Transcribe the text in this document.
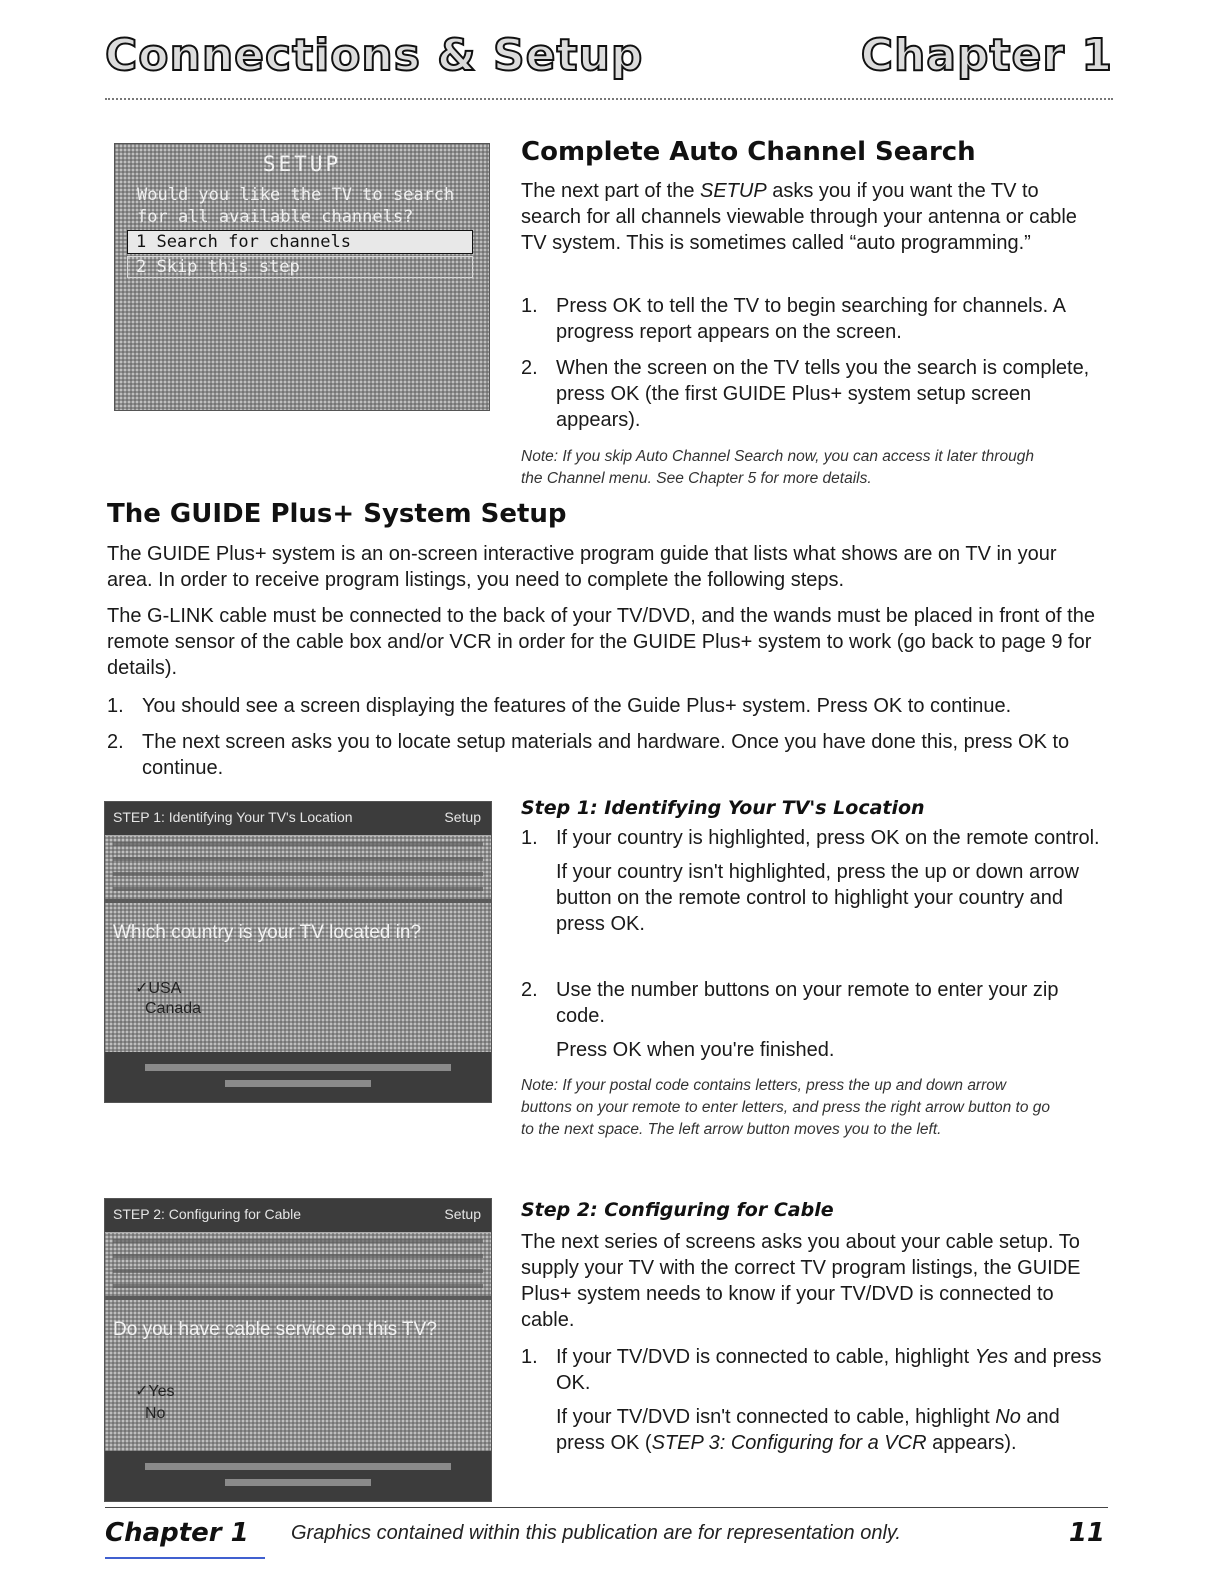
Connections & Setup	Chapter 1
SETUP
Would you like the TV to search
for all available channels?
1 Search for channels
2 Skip this step
Complete Auto Channel Search

The next part of the SETUP asks you if you want the TV to search for all channels viewable through your antenna or cable TV system. This is sometimes called “auto programming.”

1. Press OK to tell the TV to begin searching for channels. A progress report appears on the screen.
2. When the screen on the TV tells you the search is complete, press OK (the first GUIDE Plus+ system setup screen appears).
Note: If you skip Auto Channel Search now, you can access it later through the Channel menu. See Chapter 5 for more details.
The GUIDE Plus+ System Setup

The GUIDE Plus+ system is an on-screen interactive program guide that lists what shows are on TV in your area. In order to receive program listings, you need to complete the following steps.

The G-LINK cable must be connected to the back of your TV/DVD, and the wands must be placed in front of the remote sensor of the cable box and/or VCR in order for the GUIDE Plus+ system to work (go back to page 9 for details).

1. You should see a screen displaying the features of the Guide Plus+ system. Press OK to continue.
2. The next screen asks you to locate setup materials and hardware. Once you have done this, press OK to continue.
STEP 1: Identifying Your TV's Location	Setup
Which country is your TV located in?
✓USA
Canada
Step 1: Identifying Your TV's Location
1. If your country is highlighted, press OK on the remote control.
If your country isn't highlighted, press the up or down arrow button on the remote control to highlight your country and press OK.
2. Use the number buttons on your remote to enter your zip code.
Press OK when you're finished.
Note: If your postal code contains letters, press the up and down arrow buttons on your remote to enter letters, and press the right arrow button to go to the next space. The left arrow button moves you to the left.
STEP 2: Configuring for Cable	Setup
Do you have cable service on this TV?
✓Yes
No
Step 2: Configuring for Cable

The next series of screens asks you about your cable setup. To supply your TV with the correct TV program listings, the GUIDE Plus+ system needs to know if your TV/DVD is connected to cable.

1. If your TV/DVD is connected to cable, highlight Yes and press OK.
If your TV/DVD isn't connected to cable, highlight No and press OK (STEP 3: Configuring for a VCR appears).
Chapter 1 Graphics contained within this publication are for representation only.	11
